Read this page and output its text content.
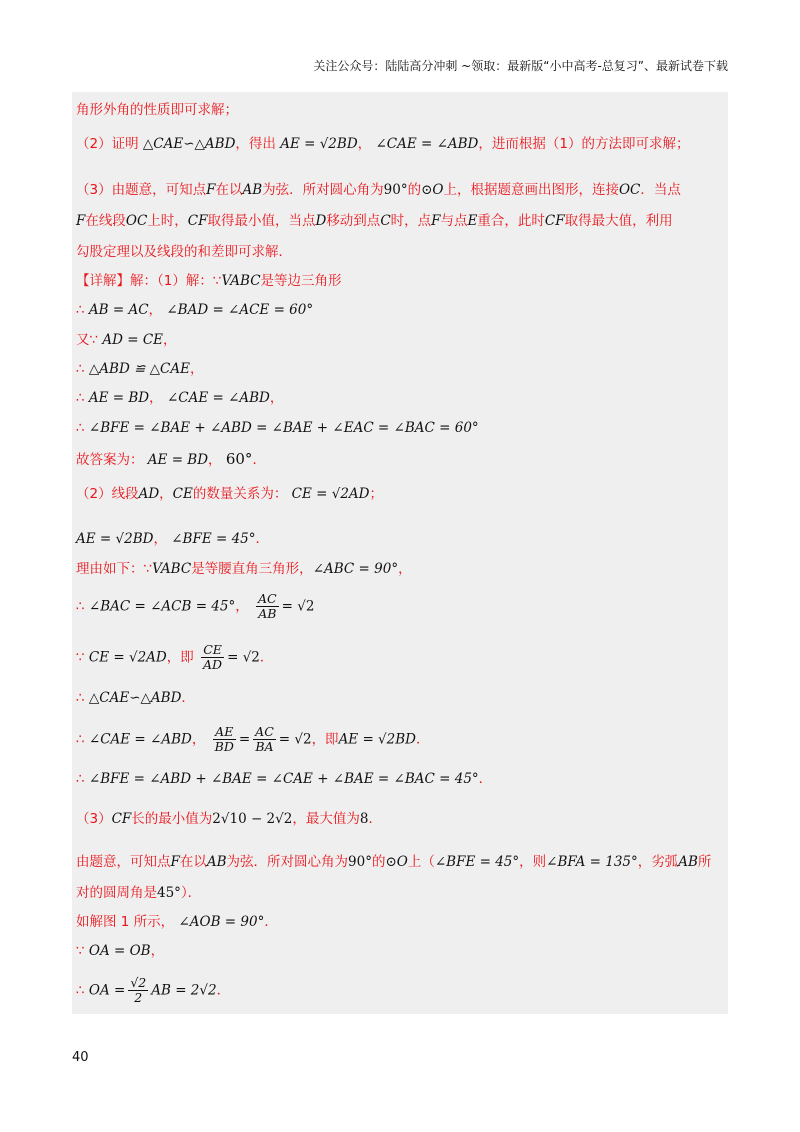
关注公众号：陆陆高分冲刺 ~领取：最新版“小中高考-总复习”、最新试卷下载
角形外角的性质即可求解；
（2）证明 △CAE∽△ABD，得出 AE = √2BD， ∠CAE = ∠ABD，进而根据（1）的方法即可求解；
（3）由题意，可知点F在以AB为弦．所对圆心角为90°的⊙O上，根据题意画出图形，连接OC．当点
F在线段OC上时，CF取得最小值，当点D移动到点C时，点F与点E重合，此时CF取得最大值，利用
勾股定理以及线段的和差即可求解．
【详解】解：（1）解：∵VABC是等边三角形
∴ AB = AC， ∠BAD = ∠ACE = 60°
又∵ AD = CE，
∴ △ABD ≌ △CAE，
∴ AE = BD， ∠CAE = ∠ABD，
∴ ∠BFE = ∠BAE + ∠ABD = ∠BAE + ∠EAC = ∠BAC = 60°
故答案为： AE = BD， 60°．
（2）线段AD，CE的数量关系为： CE = √2AD；
AE = √2BD， ∠BFE = 45°．
理由如下：∵VABC是等腰直角三角形，∠ABC = 90°，
∴ ∠BAC = ∠ACB = 45°， $\frac{AC}{AB} = √2$
∵ CE = √2AD，即 $\frac{CE}{AD} = √2$．
∴ △CAE∽△ABD．
∴ ∠CAE = ∠ABD， $\frac{AE}{BD} = \frac{AC}{BA} = √2$，即AE = √2BD．
∴ ∠BFE = ∠ABD + ∠BAE = ∠CAE + ∠BAE = ∠BAC = 45°．
（3）CF长的最小值为2√10 − 2√2，最大值为8．
由题意，可知点F在以AB为弦．所对圆心角为90°的⊙O上（∠BFE = 45°，则∠BFA = 135°，劣弧AB所
对的圆周角是45°）．
如解图 1 所示， ∠AOB = 90°．
∵ OA = OB，
∴ OA = $\frac{√2}{2}$ AB = 2√2．
40
